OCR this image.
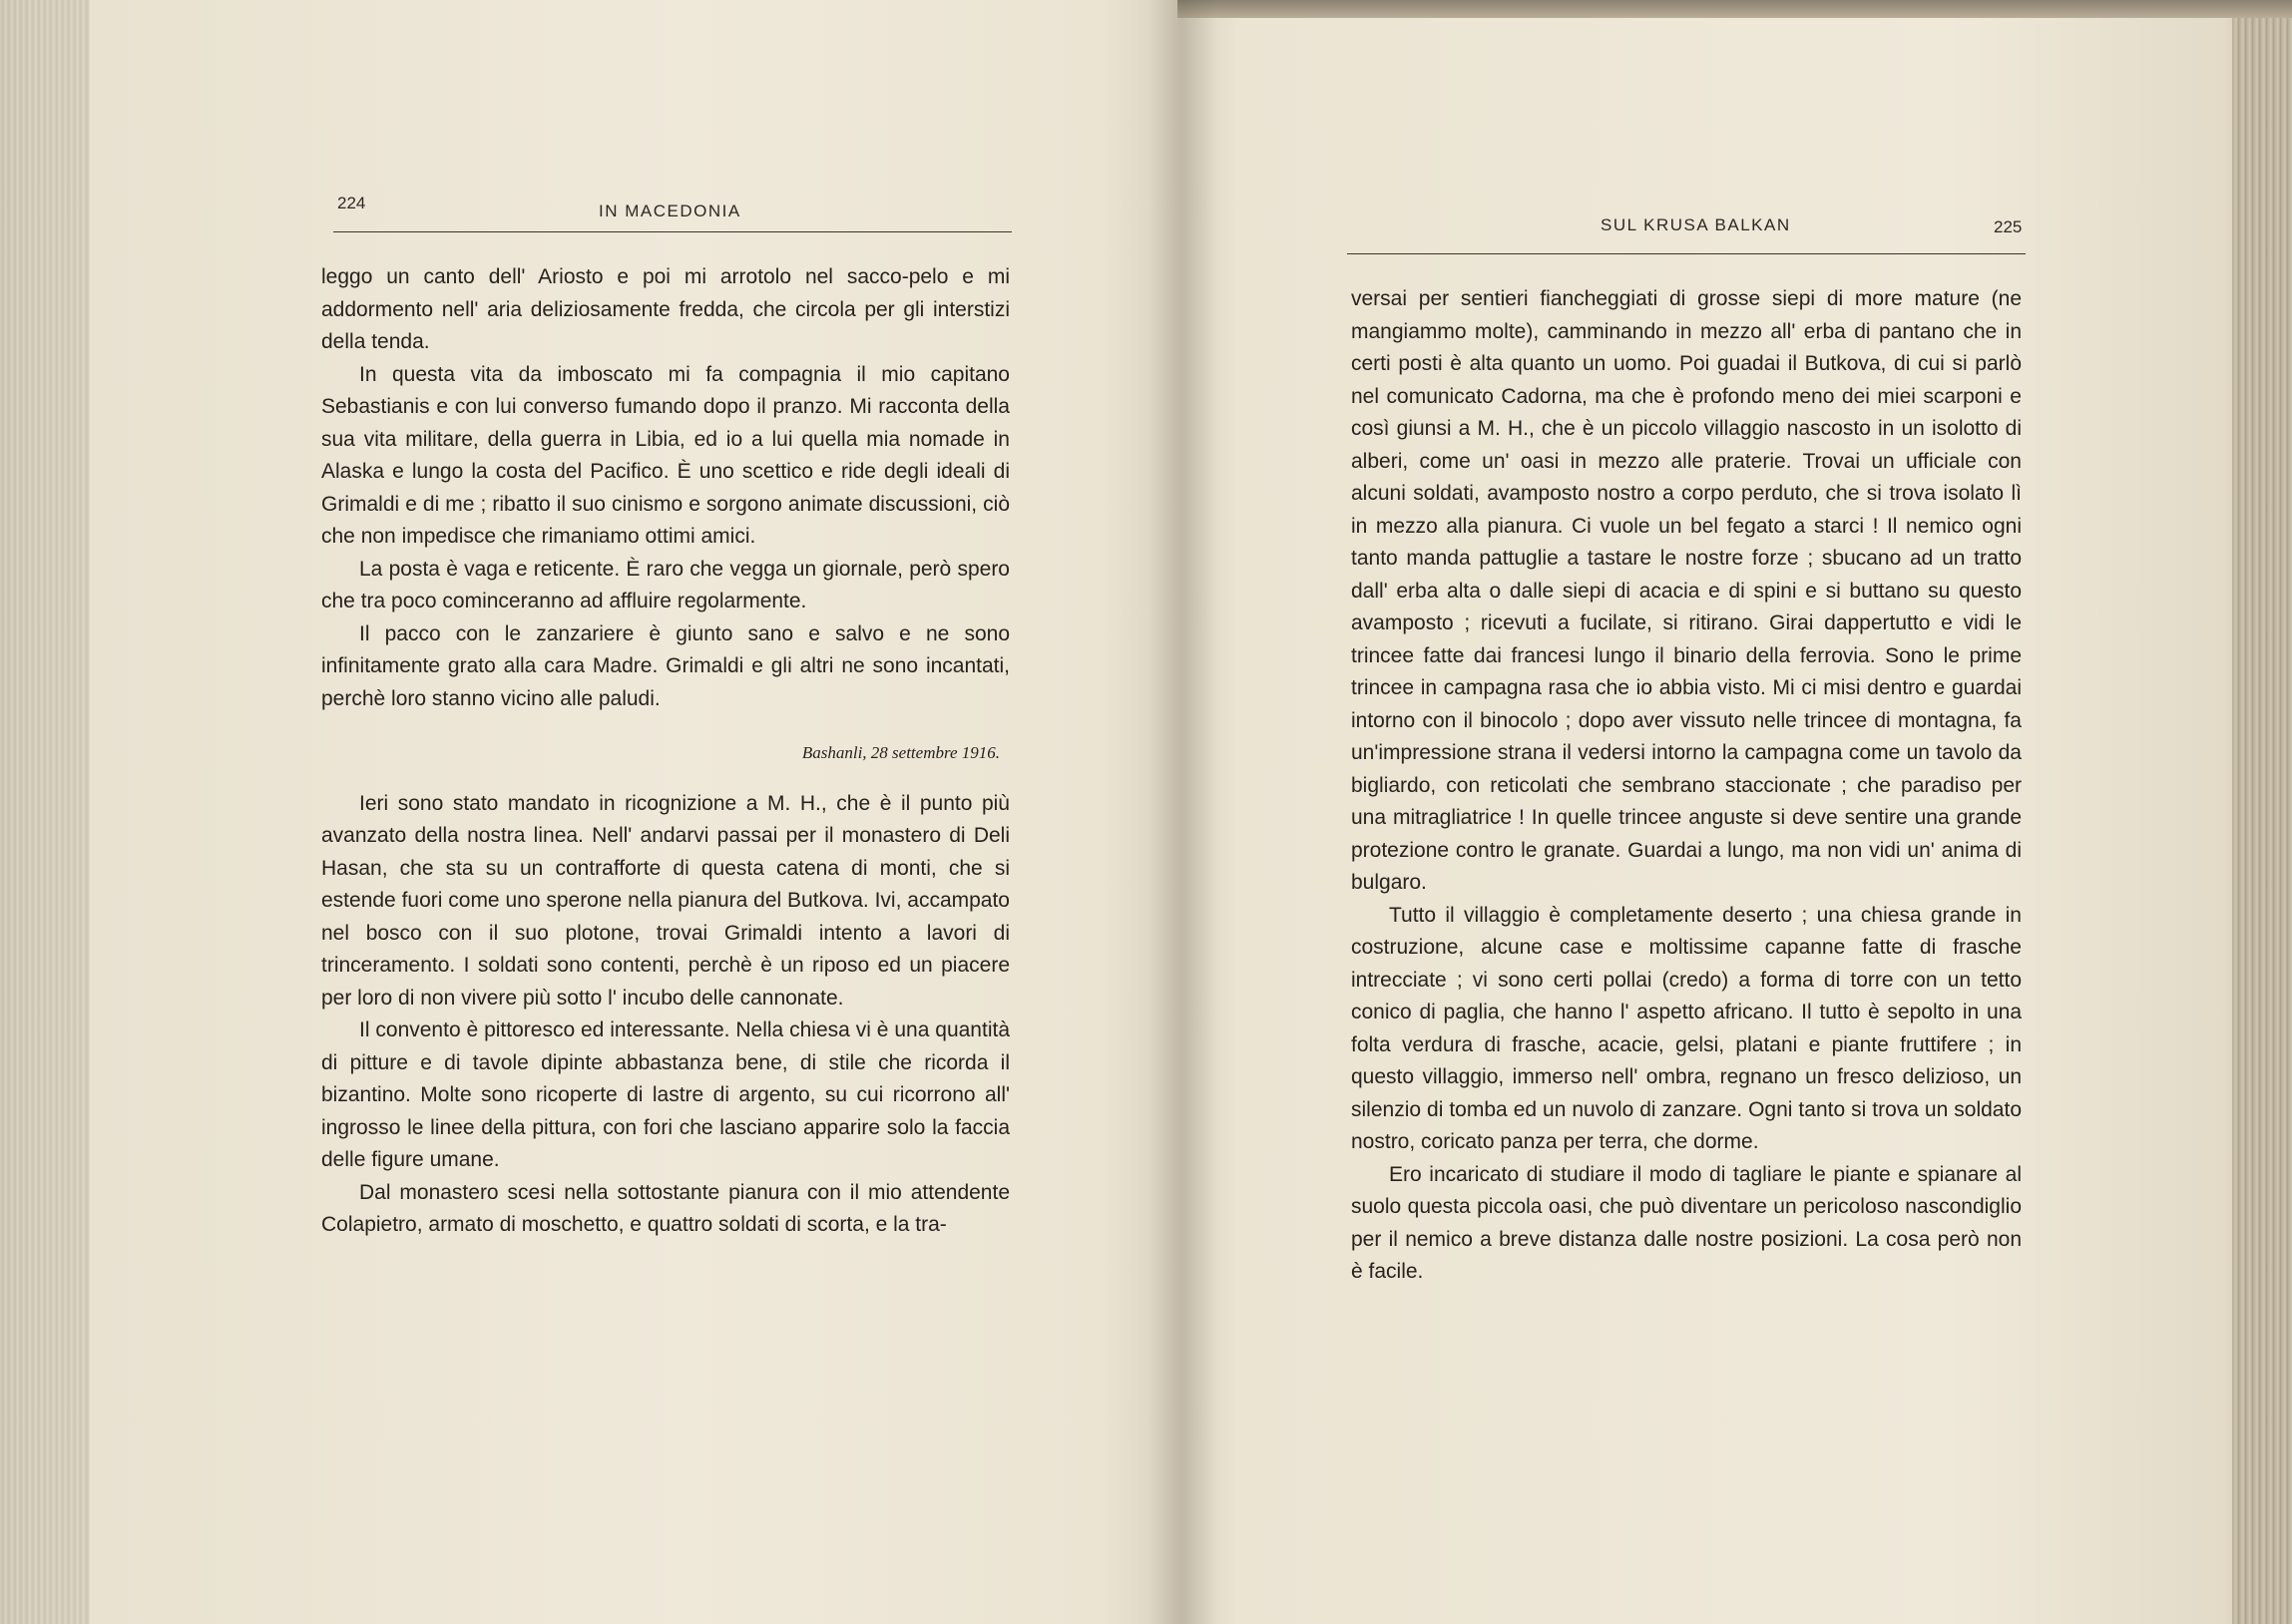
224	IN MACEDONIA

leggo un canto dell' Ariosto e poi mi arrotolo nel sacco-pelo e mi addormento nell' aria deliziosamente fredda, che circola per gli interstizi della tenda.

In questa vita da imboscato mi fa compagnia il mio capitano Sebastianis e con lui converso fumando dopo il pranzo. Mi racconta della sua vita militare, della guerra in Libia, ed io a lui quella mia nomade in Alaska e lungo la costa del Pacifico. È uno scettico e ride degli ideali di Grimaldi e di me ; ribatto il suo cinismo e sorgono animate discussioni, ciò che non impedisce che rimaniamo ottimi amici.

La posta è vaga e reticente. È raro che vegga un giornale, però spero che tra poco cominceranno ad affluire regolarmente.

Il pacco con le zanzariere è giunto sano e salvo e ne sono infinitamente grato alla cara Madre. Grimaldi e gli altri ne sono incantati, perchè loro stanno vicino alle paludi.

Bashanli, 28 settembre 1916.

Ieri sono stato mandato in ricognizione a M. H., che è il punto più avanzato della nostra linea. Nell' andarvi passai per il monastero di Deli Hasan, che sta su un contrafforte di questa catena di monti, che si estende fuori come uno sperone nella pianura del Butkova. Ivi, accampato nel bosco con il suo plotone, trovai Grimaldi intento a lavori di trinceramento. I soldati sono contenti, perchè è un riposo ed un piacere per loro di non vivere più sotto l' incubo delle cannonate.

Il convento è pittoresco ed interessante. Nella chiesa vi è una quantità di pitture e di tavole dipinte abbastanza bene, di stile che ricorda il bizantino. Molte sono ricoperte di lastre di argento, su cui ricorrono all' ingrosso le linee della pittura, con fori che lasciano apparire solo la faccia delle figure umane.

Dal monastero scesi nella sottostante pianura con il mio attendente Colapietro, armato di moschetto, e quattro soldati di scorta, e la tra-

SUL KRUSA BALKAN	225

versai per sentieri fiancheggiati di grosse siepi di more mature (ne mangiammo molte), camminando in mezzo all' erba di pantano che in certi posti è alta quanto un uomo. Poi guadai il Butkova, di cui si parlò nel comunicato Cadorna, ma che è profondo meno dei miei scarponi e così giunsi a M. H., che è un piccolo villaggio nascosto in un isolotto di alberi, come un' oasi in mezzo alle praterie. Trovai un ufficiale con alcuni soldati, avamposto nostro a corpo perduto, che si trova isolato lì in mezzo alla pianura. Ci vuole un bel fegato a starci ! Il nemico ogni tanto manda pattuglie a tastare le nostre forze ; sbucano ad un tratto dall' erba alta o dalle siepi di acacia e di spini e si buttano su questo avamposto ; ricevuti a fucilate, si ritirano. Girai dappertutto e vidi le trincee fatte dai francesi lungo il binario della ferrovia. Sono le prime trincee in campagna rasa che io abbia visto. Mi ci misi dentro e guardai intorno con il binocolo ; dopo aver vissuto nelle trincee di montagna, fa un'impressione strana il vedersi intorno la campagna come un tavolo da bigliardo, con reticolati che sembrano staccionate ; che paradiso per una mitragliatrice ! In quelle trincee anguste si deve sentire una grande protezione contro le granate. Guardai a lungo, ma non vidi un' anima di bulgaro.

Tutto il villaggio è completamente deserto ; una chiesa grande in costruzione, alcune case e moltissime capanne fatte di frasche intrecciate ; vi sono certi pollai (credo) a forma di torre con un tetto conico di paglia, che hanno l' aspetto africano. Il tutto è sepolto in una folta verdura di frasche, acacie, gelsi, platani e piante fruttifere ; in questo villaggio, immerso nell' ombra, regnano un fresco delizioso, un silenzio di tomba ed un nuvolo di zanzare. Ogni tanto si trova un soldato nostro, coricato panza per terra, che dorme.

Ero incaricato di studiare il modo di tagliare le piante e spianare al suolo questa piccola oasi, che può diventare un pericoloso nascondiglio per il nemico a breve distanza dalle nostre posizioni. La cosa però non è facile.
